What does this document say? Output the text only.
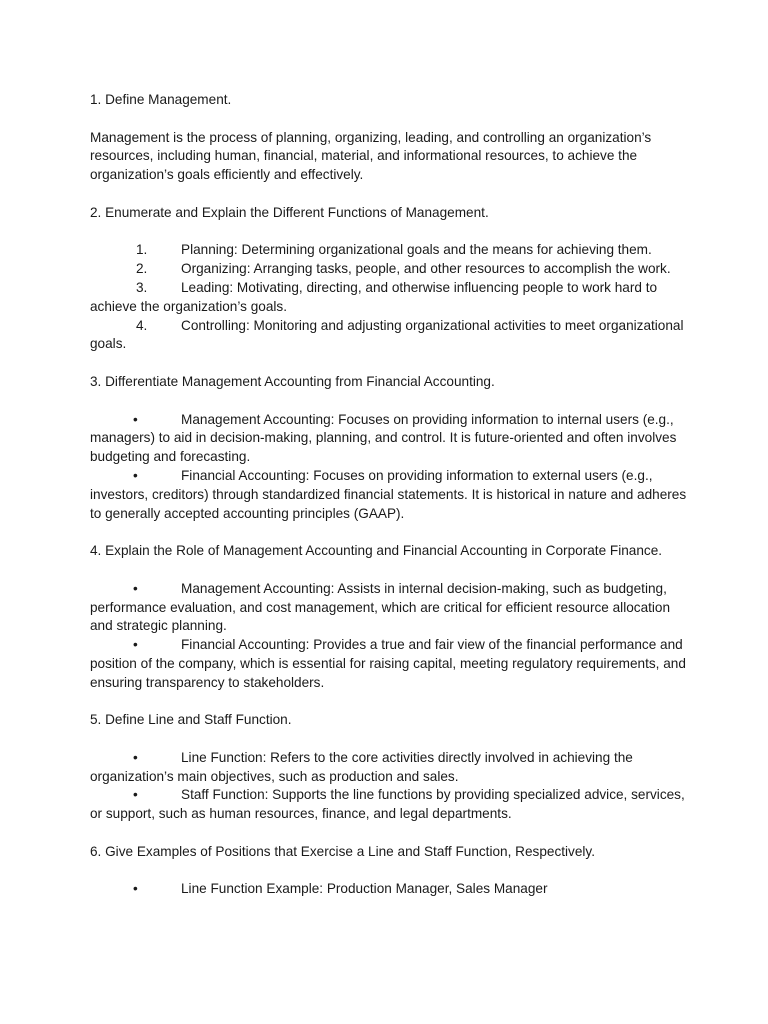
1. Define Management.

Management is the process of planning, organizing, leading, and controlling an organization’s resources, including human, financial, material, and informational resources, to achieve the organization’s goals efficiently and effectively.

2. Enumerate and Explain the Different Functions of Management.

1. Planning: Determining organizational goals and the means for achieving them.

2. Organizing: Arranging tasks, people, and other resources to accomplish the work.

3. Leading: Motivating, directing, and otherwise influencing people to work hard to achieve the organization’s goals.

4. Controlling: Monitoring and adjusting organizational activities to meet organizational goals.

3. Differentiate Management Accounting from Financial Accounting.

•	Management Accounting: Focuses on providing information to internal users (e.g., managers) to aid in decision-making, planning, and control. It is future-oriented and often involves budgeting and forecasting.

•	Financial Accounting: Focuses on providing information to external users (e.g., investors, creditors) through standardized financial statements. It is historical in nature and adheres to generally accepted accounting principles (GAAP).

4. Explain the Role of Management Accounting and Financial Accounting in Corporate Finance.

•	Management Accounting: Assists in internal decision-making, such as budgeting, performance evaluation, and cost management, which are critical for efficient resource allocation and strategic planning.

•	Financial Accounting: Provides a true and fair view of the financial performance and position of the company, which is essential for raising capital, meeting regulatory requirements, and ensuring transparency to stakeholders.

5. Define Line and Staff Function.

•	Line Function: Refers to the core activities directly involved in achieving the organization’s main objectives, such as production and sales.

•	Staff Function: Supports the line functions by providing specialized advice, services, or support, such as human resources, finance, and legal departments.

6. Give Examples of Positions that Exercise a Line and Staff Function, Respectively.

•	Line Function Example: Production Manager, Sales Manager
